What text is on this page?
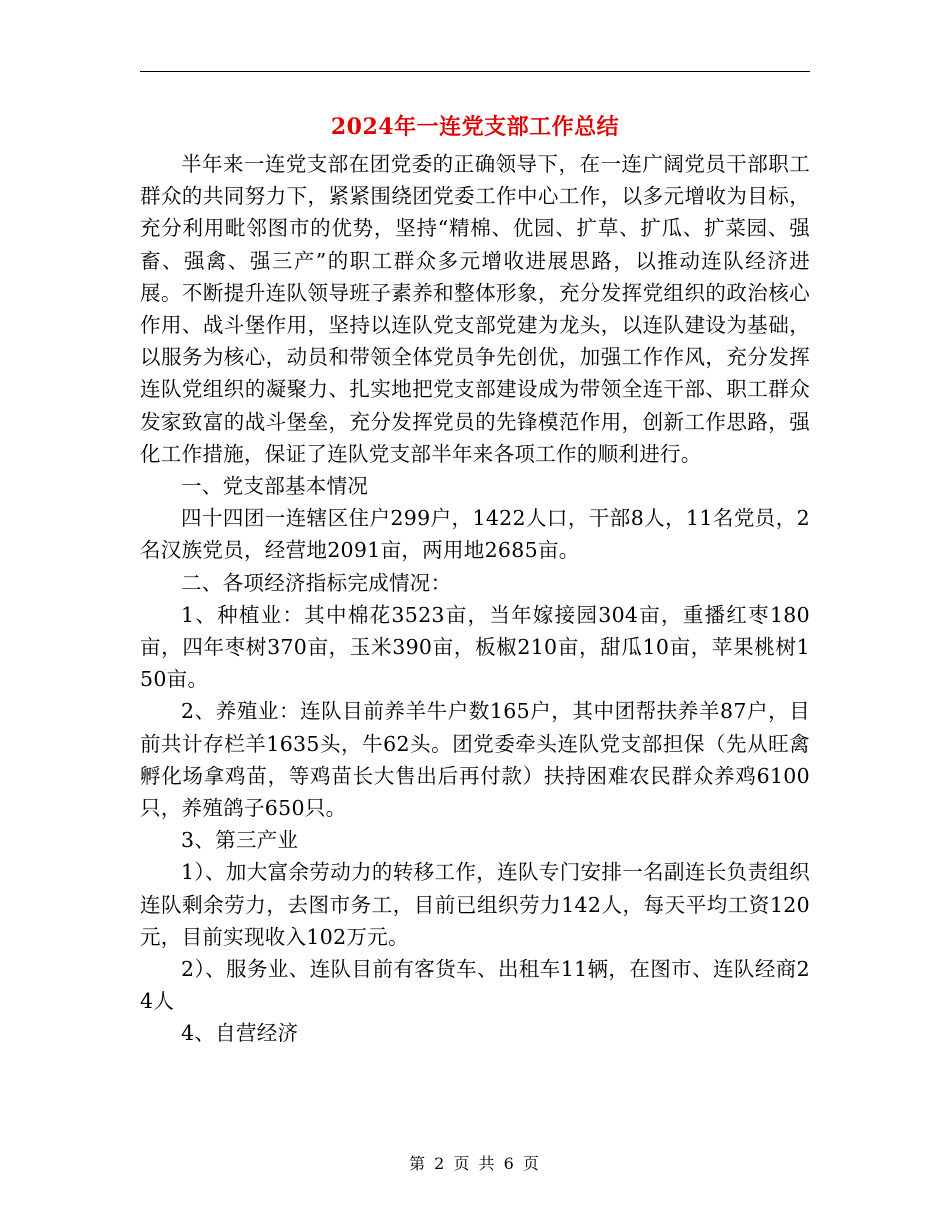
2024年一连党支部工作总结

半年来一连党支部在团党委的正确领导下，在一连广阔党员干部职工群众的共同努力下，紧紧围绕团党委工作中心工作，以多元增收为目标，充分利用毗邻图市的优势，坚持“精棉、优园、扩草、扩瓜、扩菜园、强畜、强禽、强三产”的职工群众多元增收进展思路，以推动连队经济进展。不断提升连队领导班子素养和整体形象，充分发挥党组织的政治核心作用、战斗堡作用，坚持以连队党支部党建为龙头，以连队建设为基础，以服务为核心，动员和带领全体党员争先创优，加强工作作风，充分发挥连队党组织的凝聚力、扎实地把党支部建设成为带领全连干部、职工群众发家致富的战斗堡垒，充分发挥党员的先锋模范作用，创新工作思路，强化工作措施，保证了连队党支部半年来各项工作的顺利进行。

一、党支部基本情况

四十四团一连辖区住户299户，1422人口，干部8人，11名党员，2名汉族党员，经营地2091亩，两用地2685亩。

二、各项经济指标完成情况：

1、种植业：其中棉花3523亩，当年嫁接园304亩，重播红枣180亩，四年枣树370亩，玉米390亩，板椒210亩，甜瓜10亩，苹果桃树150亩。

2、养殖业：连队目前养羊牛户数165户，其中团帮扶养羊87户，目前共计存栏羊1635头，牛62头。团党委牵头连队党支部担保（先从旺禽孵化场拿鸡苗，等鸡苗长大售出后再付款）扶持困难农民群众养鸡6100只，养殖鸽子650只。

3、第三产业

1）、加大富余劳动力的转移工作，连队专门安排一名副连长负责组织连队剩余劳力，去图市务工，目前已组织劳力142人，每天平均工资120元，目前实现收入102万元。

2）、服务业、连队目前有客货车、出租车11辆，在图市、连队经商24人

4、自营经济

第 2 页 共 6 页
